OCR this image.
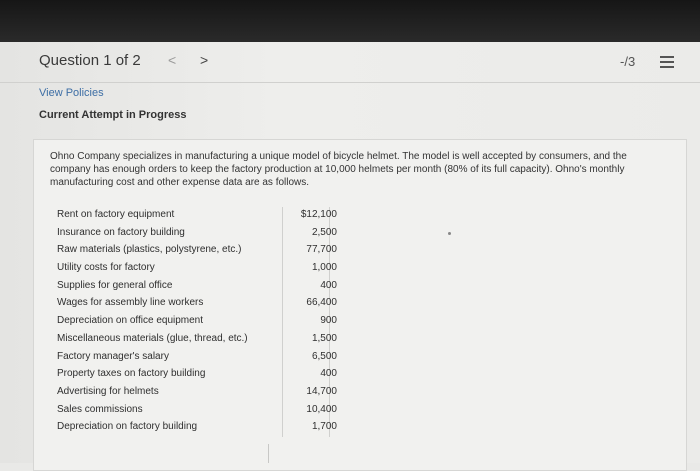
Question 1 of 2 < >	-/3
View Policies
Current Attempt in Progress
Ohno Company specializes in manufacturing a unique model of bicycle helmet. The model is well accepted by consumers, and the company has enough orders to keep the factory production at 10,000 helmets per month (80% of its full capacity). Ohno's monthly manufacturing cost and other expense data are as follows.
Rent on factory equipment	$12,100
Insurance on factory building	2,500
Raw materials (plastics, polystyrene, etc.)	77,700
Utility costs for factory	1,000
Supplies for general office	400
Wages for assembly line workers	66,400
Depreciation on office equipment	900
Miscellaneous materials (glue, thread, etc.)	1,500
Factory manager's salary	6,500
Property taxes on factory building	400
Advertising for helmets	14,700
Sales commissions	10,400
Depreciation on factory building	1,700
